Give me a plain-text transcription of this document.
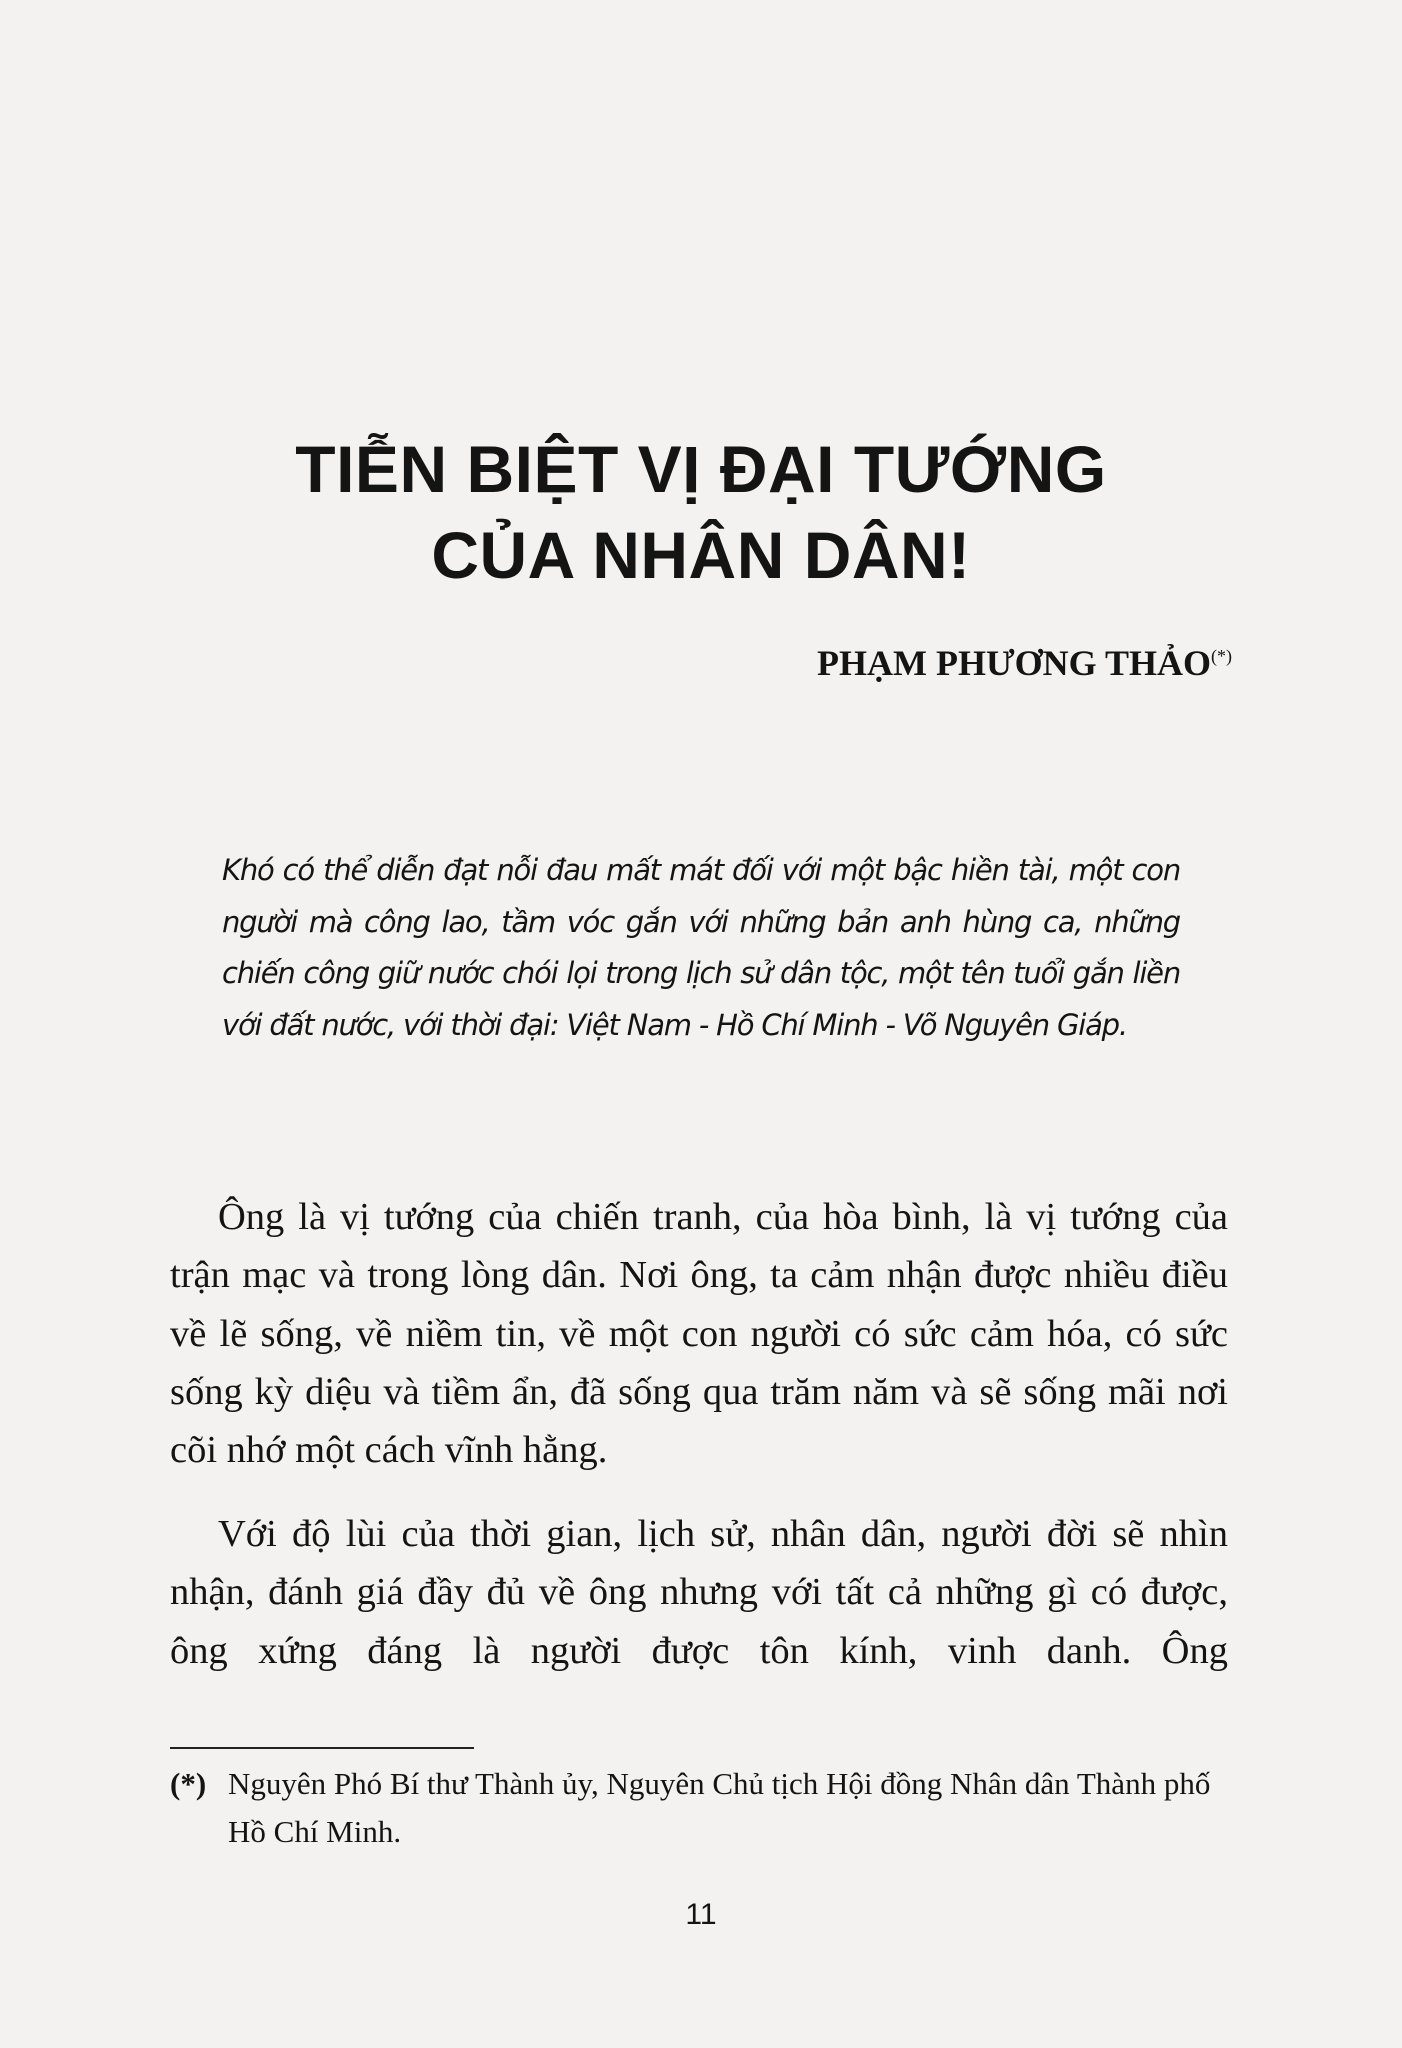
TIỄN BIỆT VỊ ĐẠI TƯỚNG
CỦA NHÂN DÂN!
PHẠM PHƯƠNG THẢO(*)
Khó có thể diễn đạt nỗi đau mất mát đối với một bậc hiền tài, một con người mà công lao, tầm vóc gắn với những bản anh hùng ca, những chiến công giữ nước chói lọi trong lịch sử dân tộc, một tên tuổi gắn liền với đất nước, với thời đại: Việt Nam - Hồ Chí Minh - Võ Nguyên Giáp.

Ông là vị tướng của chiến tranh, của hòa bình, là vị tướng của trận mạc và trong lòng dân. Nơi ông, ta cảm nhận được nhiều điều về lẽ sống, về niềm tin, về một con người có sức cảm hóa, có sức sống kỳ diệu và tiềm ẩn, đã sống qua trăm năm và sẽ sống mãi nơi cõi nhớ một cách vĩnh hằng.

Với độ lùi của thời gian, lịch sử, nhân dân, người đời sẽ nhìn nhận, đánh giá đầy đủ về ông nhưng với tất cả những gì có được, ông xứng đáng là người được tôn kính, vinh danh. Ông

(*) Nguyên Phó Bí thư Thành ủy, Nguyên Chủ tịch Hội đồng Nhân dân Thành phố Hồ Chí Minh.
11
